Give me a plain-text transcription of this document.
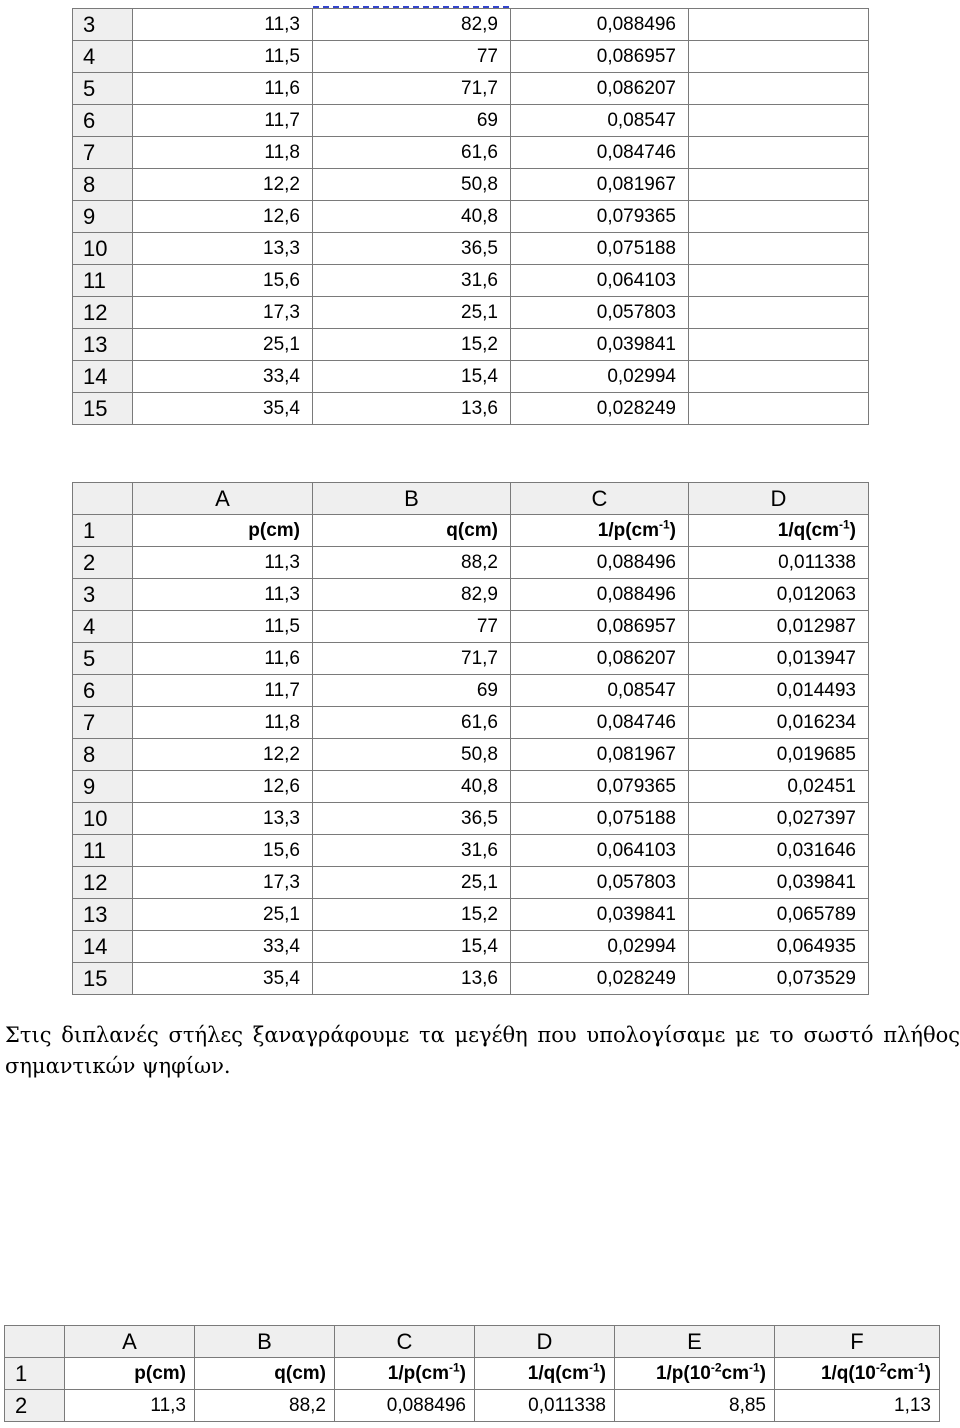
3	11,3	82,9	0,088496	
4	11,5	77	0,086957	
5	11,6	71,7	0,086207	
6	11,7	69	0,08547	
7	11,8	61,6	0,084746	
8	12,2	50,8	0,081967	
9	12,6	40,8	0,079365	
10	13,3	36,5	0,075188	
11	15,6	31,6	0,064103	
12	17,3	25,1	0,057803	
13	25,1	15,2	0,039841	
14	33,4	15,4	0,02994	
15	35,4	13,6	0,028249	
	A	B	C	D
1	p(cm)	q(cm)	$1/p(cm^{-1})$	$1/q(cm^{-1})$
2	11,3	88,2	0,088496	0,011338
3	11,3	82,9	0,088496	0,012063
4	11,5	77	0,086957	0,012987
5	11,6	71,7	0,086207	0,013947
6	11,7	69	0,08547	0,014493
7	11,8	61,6	0,084746	0,016234
8	12,2	50,8	0,081967	0,019685
9	12,6	40,8	0,079365	0,02451
10	13,3	36,5	0,075188	0,027397
11	15,6	31,6	0,064103	0,031646
12	17,3	25,1	0,057803	0,039841
13	25,1	15,2	0,039841	0,065789
14	33,4	15,4	0,02994	0,064935
15	35,4	13,6	0,028249	0,073529
Στις διπλανές στήλες ξαναγράφουμε τα μεγέθη που υπολογίσαμε με το σωστό πλήθος σημαντικών ψηφίων.
	A	B	C	D	E	F
1	p(cm)	q(cm)	$1/p(cm^{-1})$	$1/q(cm^{-1})$	$1/p(10^{-2}cm^{-1})$	$1/q(10^{-2}cm^{-1})$
2	11,3	88,2	0,088496	0,011338	8,85	1,13
